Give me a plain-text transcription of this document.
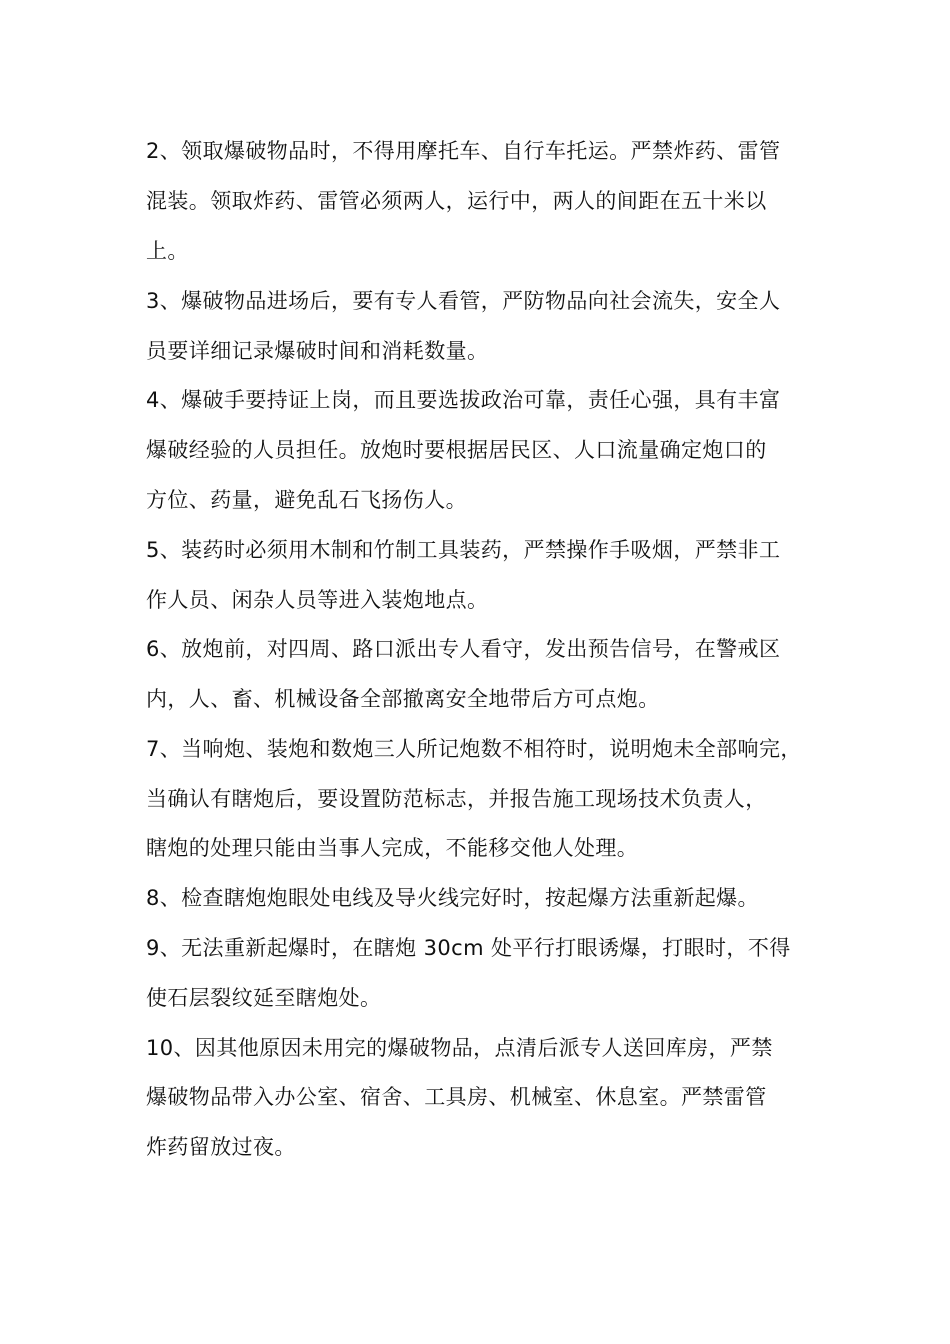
2、领取爆破物品时，不得用摩托车、自行车托运。严禁炸药、雷管
混装。领取炸药、雷管必须两人，运行中，两人的间距在五十米以
上。
3、爆破物品进场后，要有专人看管，严防物品向社会流失，安全人
员要详细记录爆破时间和消耗数量。
4、爆破手要持证上岗，而且要选拔政治可靠，责任心强，具有丰富
爆破经验的人员担任。放炮时要根据居民区、人口流量确定炮口的
方位、药量，避免乱石飞扬伤人。
5、装药时必须用木制和竹制工具装药，严禁操作手吸烟，严禁非工
作人员、闲杂人员等进入装炮地点。
6、放炮前，对四周、路口派出专人看守，发出预告信号，在警戒区
内，人、畜、机械设备全部撤离安全地带后方可点炮。
7、当响炮、装炮和数炮三人所记炮数不相符时，说明炮未全部响完，
当确认有瞎炮后，要设置防范标志，并报告施工现场技术负责人，
瞎炮的处理只能由当事人完成，不能移交他人处理。
8、检查瞎炮炮眼处电线及导火线完好时，按起爆方法重新起爆。
9、无法重新起爆时，在瞎炮 30cm 处平行打眼诱爆，打眼时，不得
使石层裂纹延至瞎炮处。
10、因其他原因未用完的爆破物品，点清后派专人送回库房，严禁
爆破物品带入办公室、宿舍、工具房、机械室、休息室。严禁雷管
炸药留放过夜。
